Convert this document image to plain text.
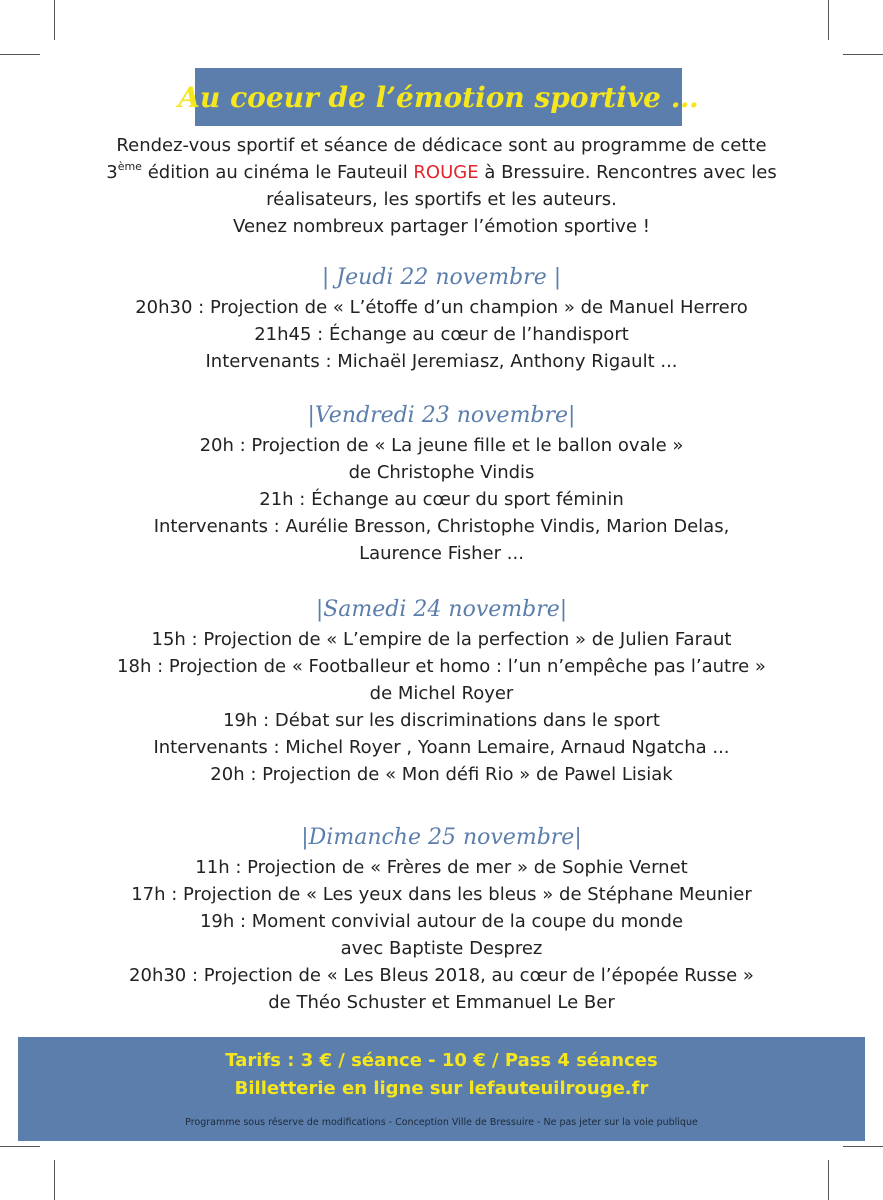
Au coeur de l’émotion sportive …
Rendez-vous sportif et séance de dédicace sont au programme de cette
3ème édition au cinéma le Fauteuil ROUGE à Bressuire. Rencontres avec les
réalisateurs, les sportifs et les auteurs.
Venez nombreux partager l’émotion sportive !
| Jeudi 22 novembre |
20h30 : Projection de « L’étoffe d’un champion » de Manuel Herrero
21h45 : Échange au cœur de l’handisport
Intervenants : Michaël Jeremiasz, Anthony Rigault ...
|Vendredi 23 novembre|
20h : Projection de « La jeune fille et le ballon ovale »
de Christophe Vindis
21h : Échange au cœur du sport féminin
Intervenants : Aurélie Bresson, Christophe Vindis, Marion Delas,
Laurence Fisher ...
|Samedi 24 novembre|
15h : Projection de « L’empire de la perfection » de Julien Faraut
18h : Projection de « Footballeur et homo : l’un n’empêche pas l’autre »
de Michel Royer
19h : Débat sur les discriminations dans le sport
Intervenants : Michel Royer , Yoann Lemaire, Arnaud Ngatcha ...
20h : Projection de « Mon défi Rio » de Pawel Lisiak
|Dimanche 25 novembre|
11h : Projection de « Frères de mer » de Sophie Vernet
17h : Projection de « Les yeux dans les bleus » de Stéphane Meunier
19h : Moment convivial autour de la coupe du monde
avec Baptiste Desprez
20h30 : Projection de « Les Bleus 2018, au cœur de l’épopée Russe »
de Théo Schuster et Emmanuel Le Ber
Tarifs : 3 € / séance - 10 € / Pass 4 séances
Billetterie en ligne sur lefauteuilrouge.fr
Programme sous réserve de modifications - Conception Ville de Bressuire - Ne pas jeter sur la voie publique
